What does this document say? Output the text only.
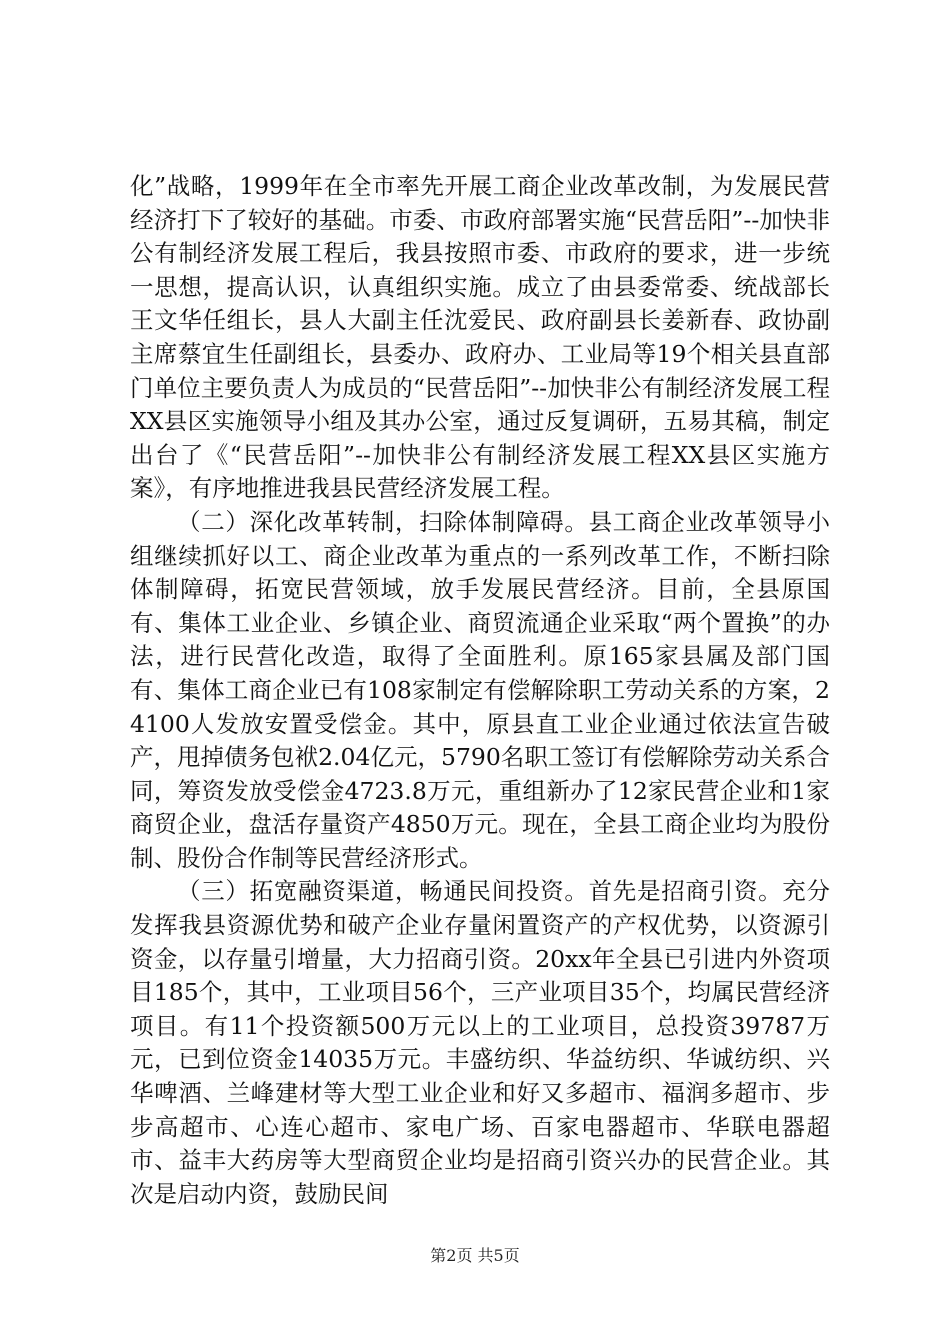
化”战略，1999年在全市率先开展工商企业改革改制，为发展民营经济打下了较好的基础。市委、市政府部署实施“民营岳阳”--加快非公有制经济发展工程后，我县按照市委、市政府的要求，进一步统一思想，提高认识，认真组织实施。成立了由县委常委、统战部长王文华任组长，县人大副主任沈爱民、政府副县长姜新春、政协副主席蔡宜生任副组长，县委办、政府办、工业局等19个相关县直部门单位主要负责人为成员的“民营岳阳”--加快非公有制经济发展工程XX县区实施领导小组及其办公室，通过反复调研，五易其稿，制定出台了《“民营岳阳”--加快非公有制经济发展工程XX县区实施方案》，有序地推进我县民营经济发展工程。

（二）深化改革转制，扫除体制障碍。县工商企业改革领导小组继续抓好以工、商企业改革为重点的一系列改革工作，不断扫除体制障碍，拓宽民营领域，放手发展民营经济。目前，全县原国有、集体工业企业、乡镇企业、商贸流通企业采取“两个置换”的办法，进行民营化改造，取得了全面胜利。原165家县属及部门国有、集体工商企业已有108家制定有偿解除职工劳动关系的方案，24100人发放安置受偿金。其中，原县直工业企业通过依法宣告破产，甩掉债务包袱2.04亿元，5790名职工签订有偿解除劳动关系合同，筹资发放受偿金4723.8万元，重组新办了12家民营企业和1家商贸企业，盘活存量资产4850万元。现在，全县工商企业均为股份制、股份合作制等民营经济形式。

（三）拓宽融资渠道，畅通民间投资。首先是招商引资。充分发挥我县资源优势和破产企业存量闲置资产的产权优势，以资源引资金，以存量引增量，大力招商引资。20xx年全县已引进内外资项目185个，其中，工业项目56个，三产业项目35个，均属民营经济项目。有11个投资额500万元以上的工业项目，总投资39787万元，已到位资金14035万元。丰盛纺织、华益纺织、华诚纺织、兴华啤酒、兰峰建材等大型工业企业和好又多超市、福润多超市、步步高超市、心连心超市、家电广场、百家电器超市、华联电器超市、益丰大药房等大型商贸企业均是招商引资兴办的民营企业。其次是启动内资，鼓励民间

第2页 共5页
